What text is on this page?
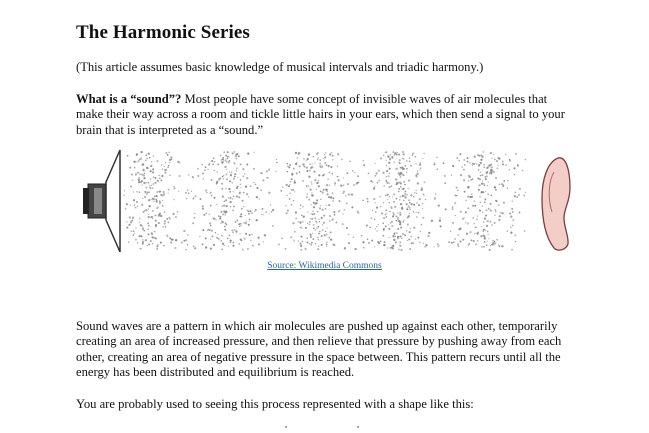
The Harmonic Series
(This article assumes basic knowledge of musical intervals and triadic harmony.)
What is a “sound”? Most people have some concept of invisible waves of air molecules that make their way across a room and tickle little hairs in your ears, which then send a signal to your brain that is interpreted as a “sound.”
Source: Wikimedia Commons
Sound waves are a pattern in which air molecules are pushed up against each other, temporarily creating an area of increased pressure, and then relieve that pressure by pushing away from each other, creating an area of negative pressure in the space between. This pattern recurs until all the energy has been distributed and equilibrium is reached.
You are probably used to seeing this process represented with a shape like this:
